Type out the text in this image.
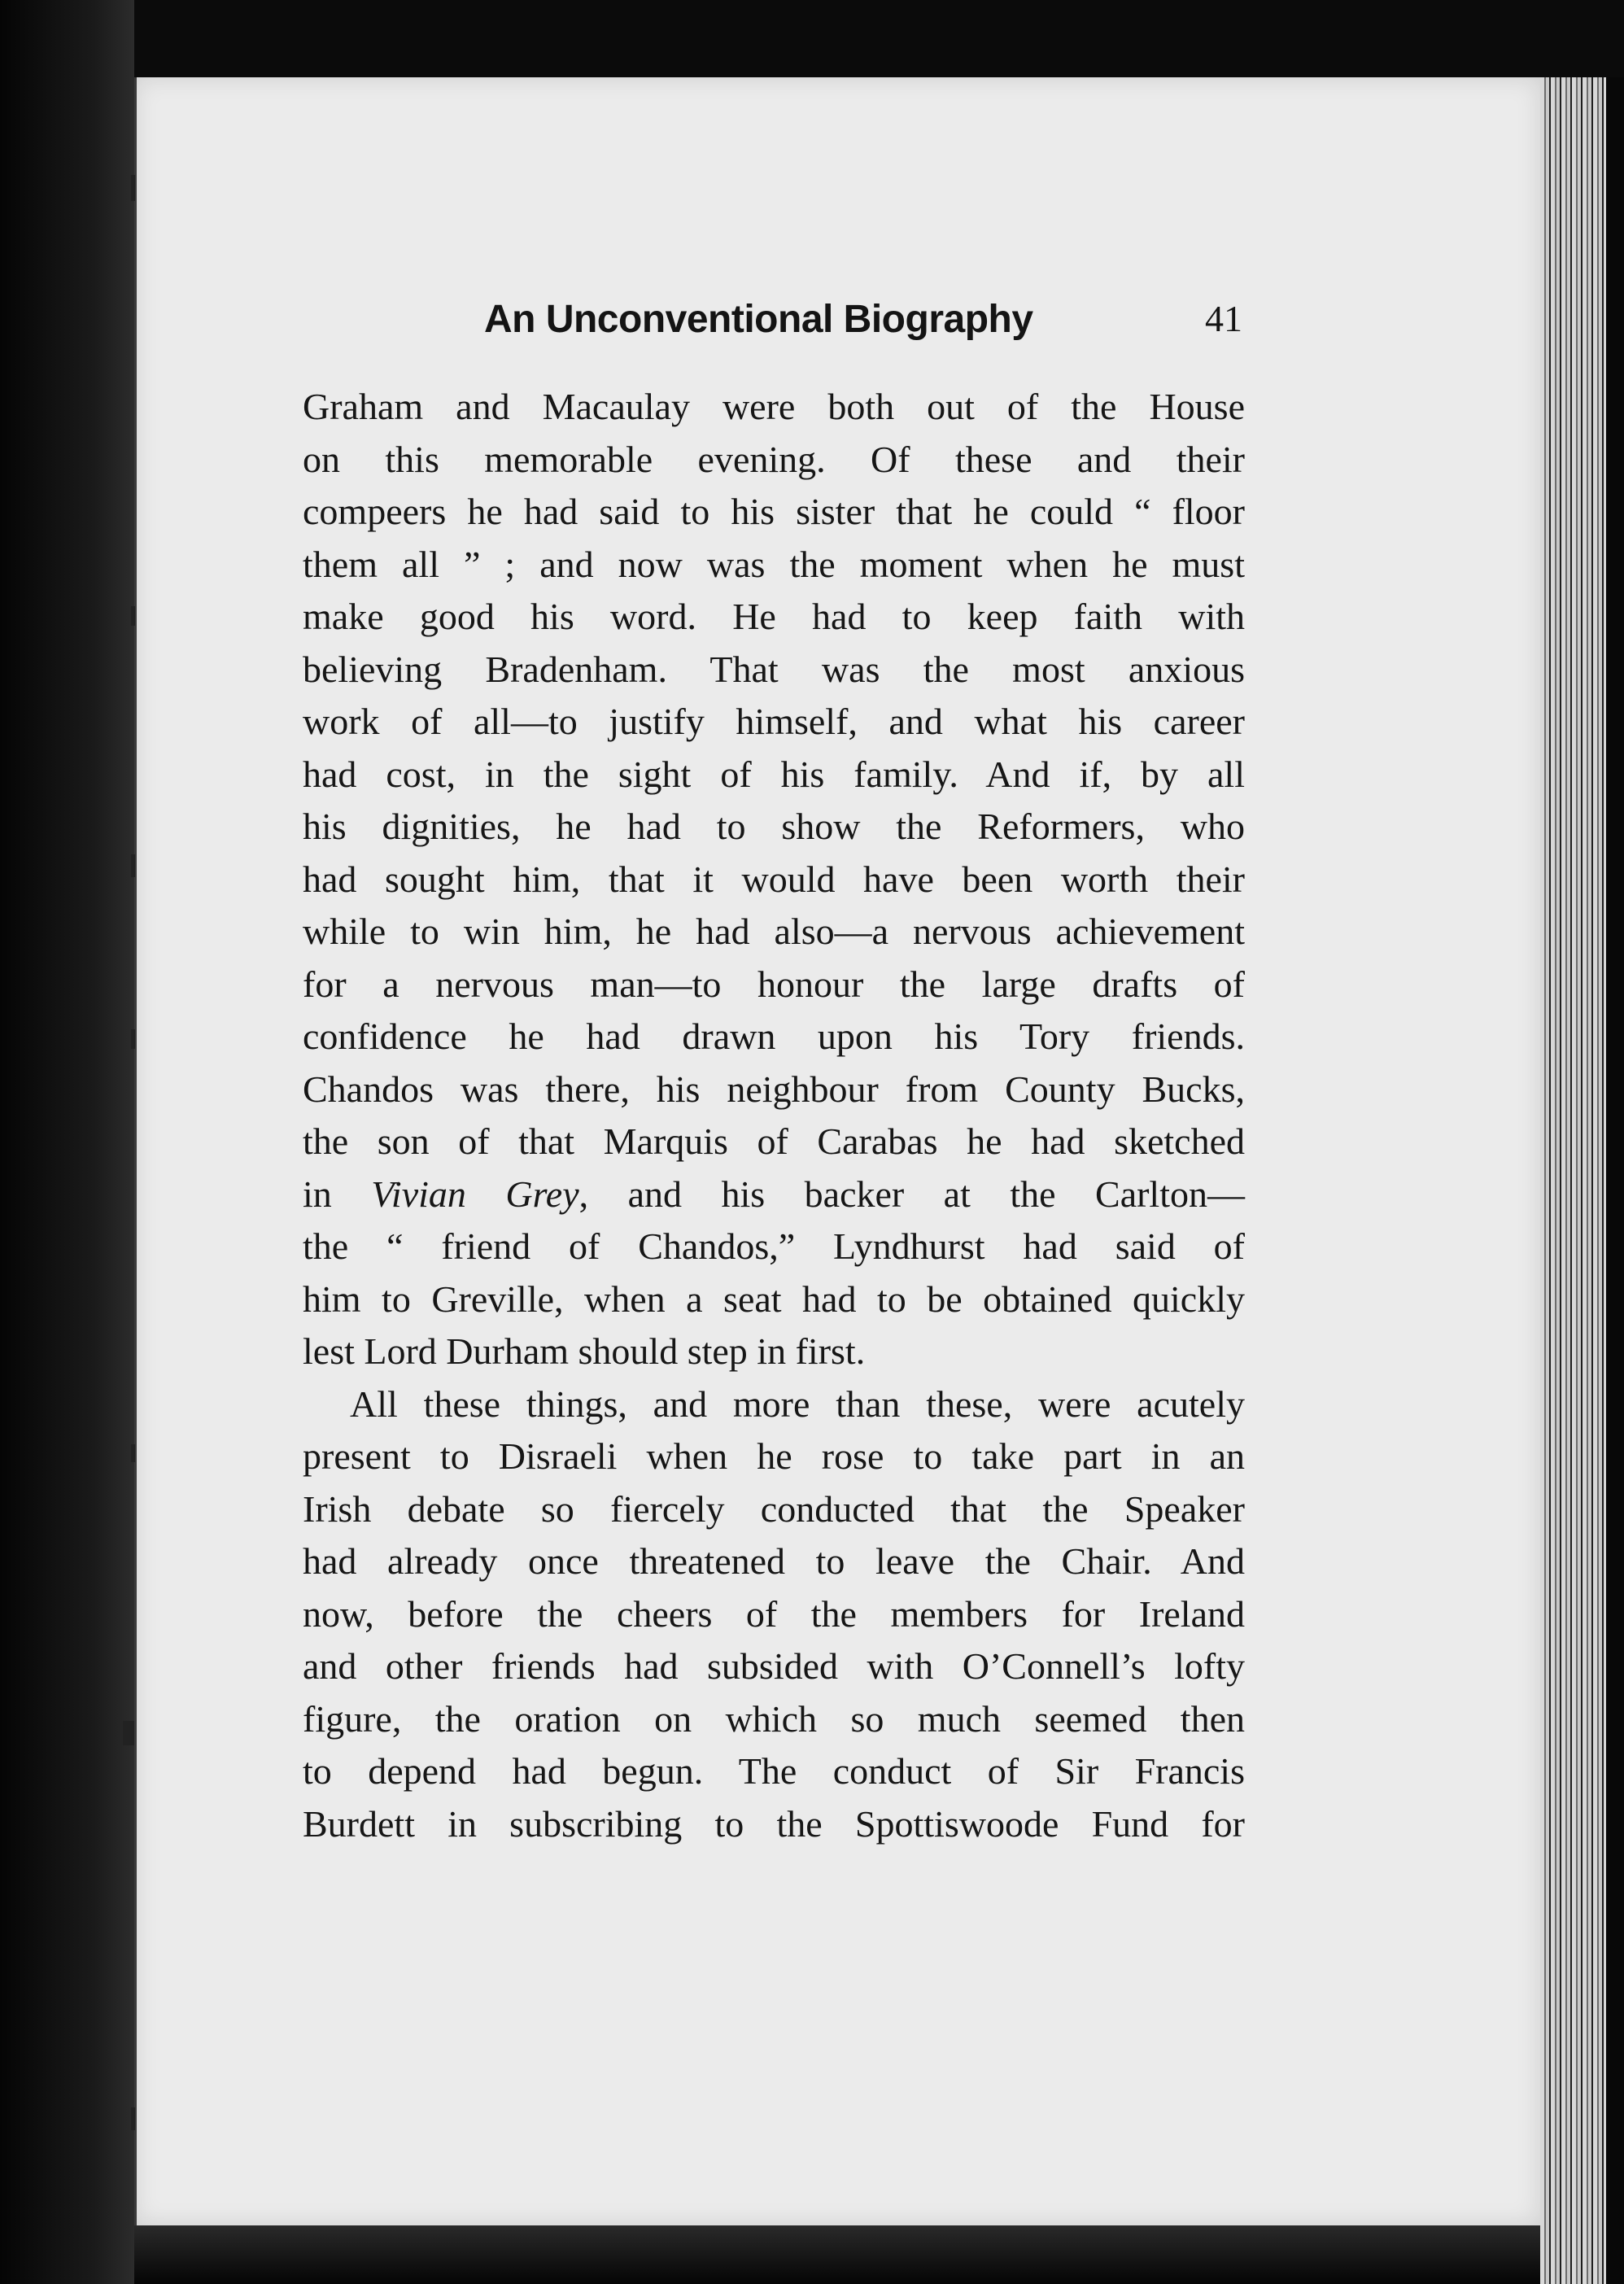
An Unconventional Biography	41
Graham and Macaulay were both out of the House
on this memorable evening. Of these and their
compeers he had said to his sister that he could “ floor
them all ” ; and now was the moment when he must
make good his word. He had to keep faith with
believing Bradenham. That was the most anxious
work of all—to justify himself, and what his career
had cost, in the sight of his family. And if, by all
his dignities, he had to show the Reformers, who
had sought him, that it would have been worth their
while to win him, he had also—a nervous achievement
for a nervous man—to honour the large drafts of
confidence he had drawn upon his Tory friends.
Chandos was there, his neighbour from County Bucks,
the son of that Marquis of Carabas he had sketched
in Vivian Grey, and his backer at the Carlton—
the “ friend of Chandos,” Lyndhurst had said of
him to Greville, when a seat had to be obtained quickly
lest Lord Durham should step in first.
All these things, and more than these, were acutely
present to Disraeli when he rose to take part in an
Irish debate so fiercely conducted that the Speaker
had already once threatened to leave the Chair. And
now, before the cheers of the members for Ireland
and other friends had subsided with O’Connell’s lofty
figure, the oration on which so much seemed then
to depend had begun. The conduct of Sir Francis
Burdett in subscribing to the Spottiswoode Fund for
